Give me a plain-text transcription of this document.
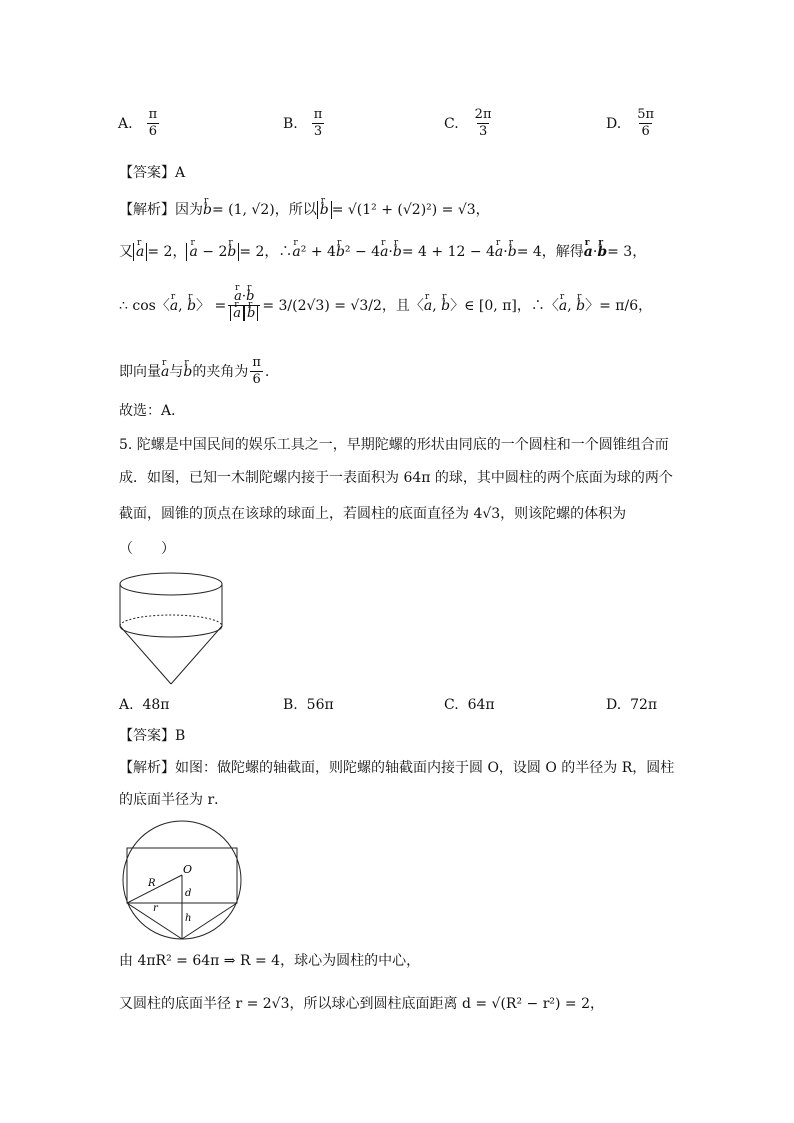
A. $\frac{\pi}{6}$	B. $\frac{\pi}{3}$	C. $\frac{2\pi}{3}$	D. $\frac{5\pi}{6}$
【答案】A
【解析】 因为 r b = (1, √2)，所以 r b = √(1² + (√2)²) = √3，
又 r a = 2， r a − 2r b = 2，∴ r a ² + 4 r b ² − 4 r a · r b = 4 + 12 − 4 r a · r b = 4，解得 r a · r b = 3，
∴ cos 〈r a, r b〉 = r a·r b
r a r b = 3/(2√3) = √3/2，且 〈r a, r b〉 ∈ [0, π]，∴ 〈r a, r b〉 = π/6，
即向量 r a 与 r b 的夹角为 $\frac{\pi}{6}$ .
故选：A．
5. 陀螺是中国民间的娱乐工具之一，早期陀螺的形状由同底的一个圆柱和一个圆锥组合而
成．如图，已知一木制陀螺内接于一表面积为 64π 的球，其中圆柱的两个底面为球的两个
截面，圆锥的顶点在该球的球面上，若圆柱的底面直径为 4√3，则该陀螺的体积为
（　　）
A. 48π	B. 56π	C. 64π	D. 72π
【答案】B
【解析】 如图：做陀螺的轴截面，则陀螺的轴截面内接于圆 O，设圆 O 的半径为 R，圆柱
的底面半径为 r．
O
R
d
r
h
由 4πR² = 64π ⇒ R = 4，球心为圆柱的中心，
又圆柱的底面半径 r = 2√3，所以球心到圆柱底面距离 d = √(R² − r²) = 2，
